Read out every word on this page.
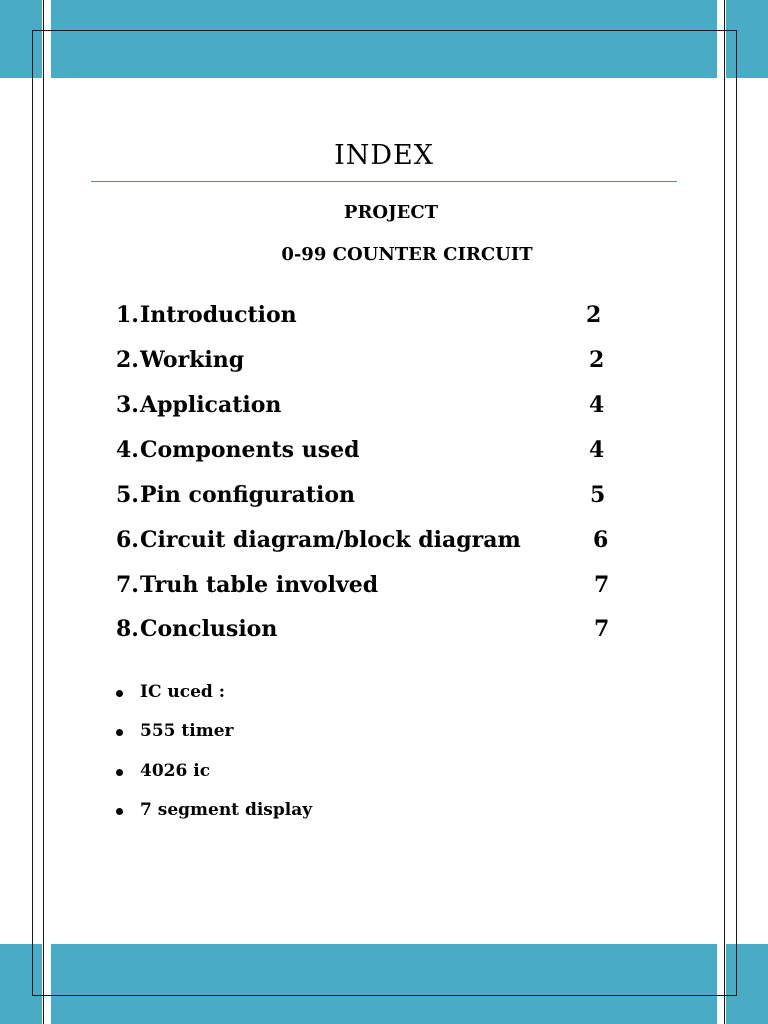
INDEX
PROJECT
0-99 COUNTER CIRCUIT
1. Introduction	2
2. Working	2
3. Application	4
4. Components used	4
5. Pin configuration	5
6. Circuit diagram/block diagram	6
7. Truh table involved	7
8. Conclusion	7
IC uced :
555 timer
4026 ic
7 segment display
